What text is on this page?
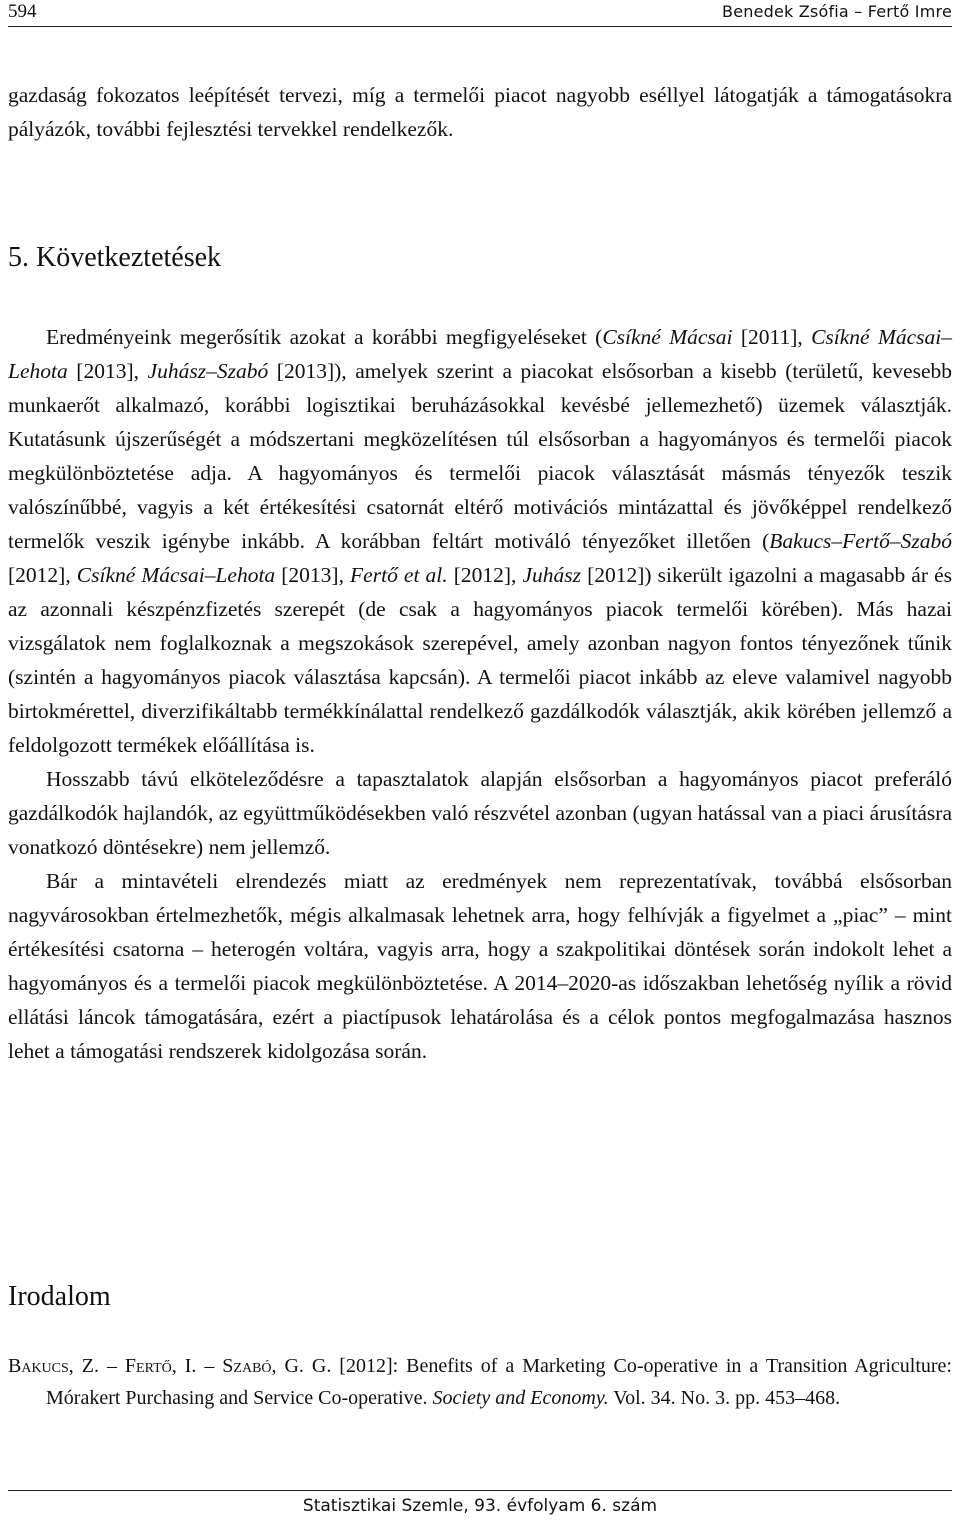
594	Benedek Zsófia – Fertő Imre

gazdaság fokozatos leépítését tervezi, míg a termelői piacot nagyobb eséllyel látogatják a támogatásokra pályázók, további fejlesztési tervekkel rendelkezők.

5. Következtetések

Eredményeink megerősítik azokat a korábbi megfigyeléseket (Csíkné Mácsai [2011], Csíkné Mácsai–Lehota [2013], Juhász–Szabó [2013]), amelyek szerint a piacokat elsősorban a kisebb (területű, kevesebb munkaerőt alkalmazó, korábbi logisztikai beruházásokkal kevésbé jellemezhető) üzemek választják. Kutatásunk újszerűségét a módszertani megközelítésen túl elsősorban a hagyományos és termelői piacok megkülönböztetése adja. A hagyományos és termelői piacok választását másmás tényezők teszik valószínűbbé, vagyis a két értékesítési csatornát eltérő motivációs mintázattal és jövőképpel rendelkező termelők veszik igénybe inkább. A korábban feltárt motiváló tényezőket illetően (Bakucs–Fertő–Szabó [2012], Csíkné Mácsai–Lehota [2013], Fertő et al. [2012], Juhász [2012]) sikerült igazolni a magasabb ár és az azonnali készpénzfizetés szerepét (de csak a hagyományos piacok termelői körében). Más hazai vizsgálatok nem foglalkoznak a megszokások szerepével, amely azonban nagyon fontos tényezőnek tűnik (szintén a hagyományos piacok választása kapcsán). A termelői piacot inkább az eleve valamivel nagyobb birtokmérettel, diverzifikáltabb termékkínálattal rendelkező gazdálkodók választják, akik körében jellemző a feldolgozott termékek előállítása is.

Hosszabb távú elköteleződésre a tapasztalatok alapján elsősorban a hagyományos piacot preferáló gazdálkodók hajlandók, az együttműködésekben való részvétel azonban (ugyan hatással van a piaci árusításra vonatkozó döntésekre) nem jellemző.

Bár a mintavételi elrendezés miatt az eredmények nem reprezentatívak, továbbá elsősorban nagyvárosokban értelmezhetők, mégis alkalmasak lehetnek arra, hogy felhívják a figyelmet a „piac” – mint értékesítési csatorna – heterogén voltára, vagyis arra, hogy a szakpolitikai döntések során indokolt lehet a hagyományos és a termelői piacok megkülönböztetése. A 2014–2020-as időszakban lehetőség nyílik a rövid ellátási láncok támogatására, ezért a piactípusok lehatárolása és a célok pontos megfogalmazása hasznos lehet a támogatási rendszerek kidolgozása során.

Irodalom

Bakucs, Z. – Fertő, I. – Szabó, G. G. [2012]: Benefits of a Marketing Co-operative in a Transition Agriculture: Mórakert Purchasing and Service Co-operative. Society and Economy. Vol. 34. No. 3. pp. 453–468.

Statisztikai Szemle, 93. évfolyam 6. szám
